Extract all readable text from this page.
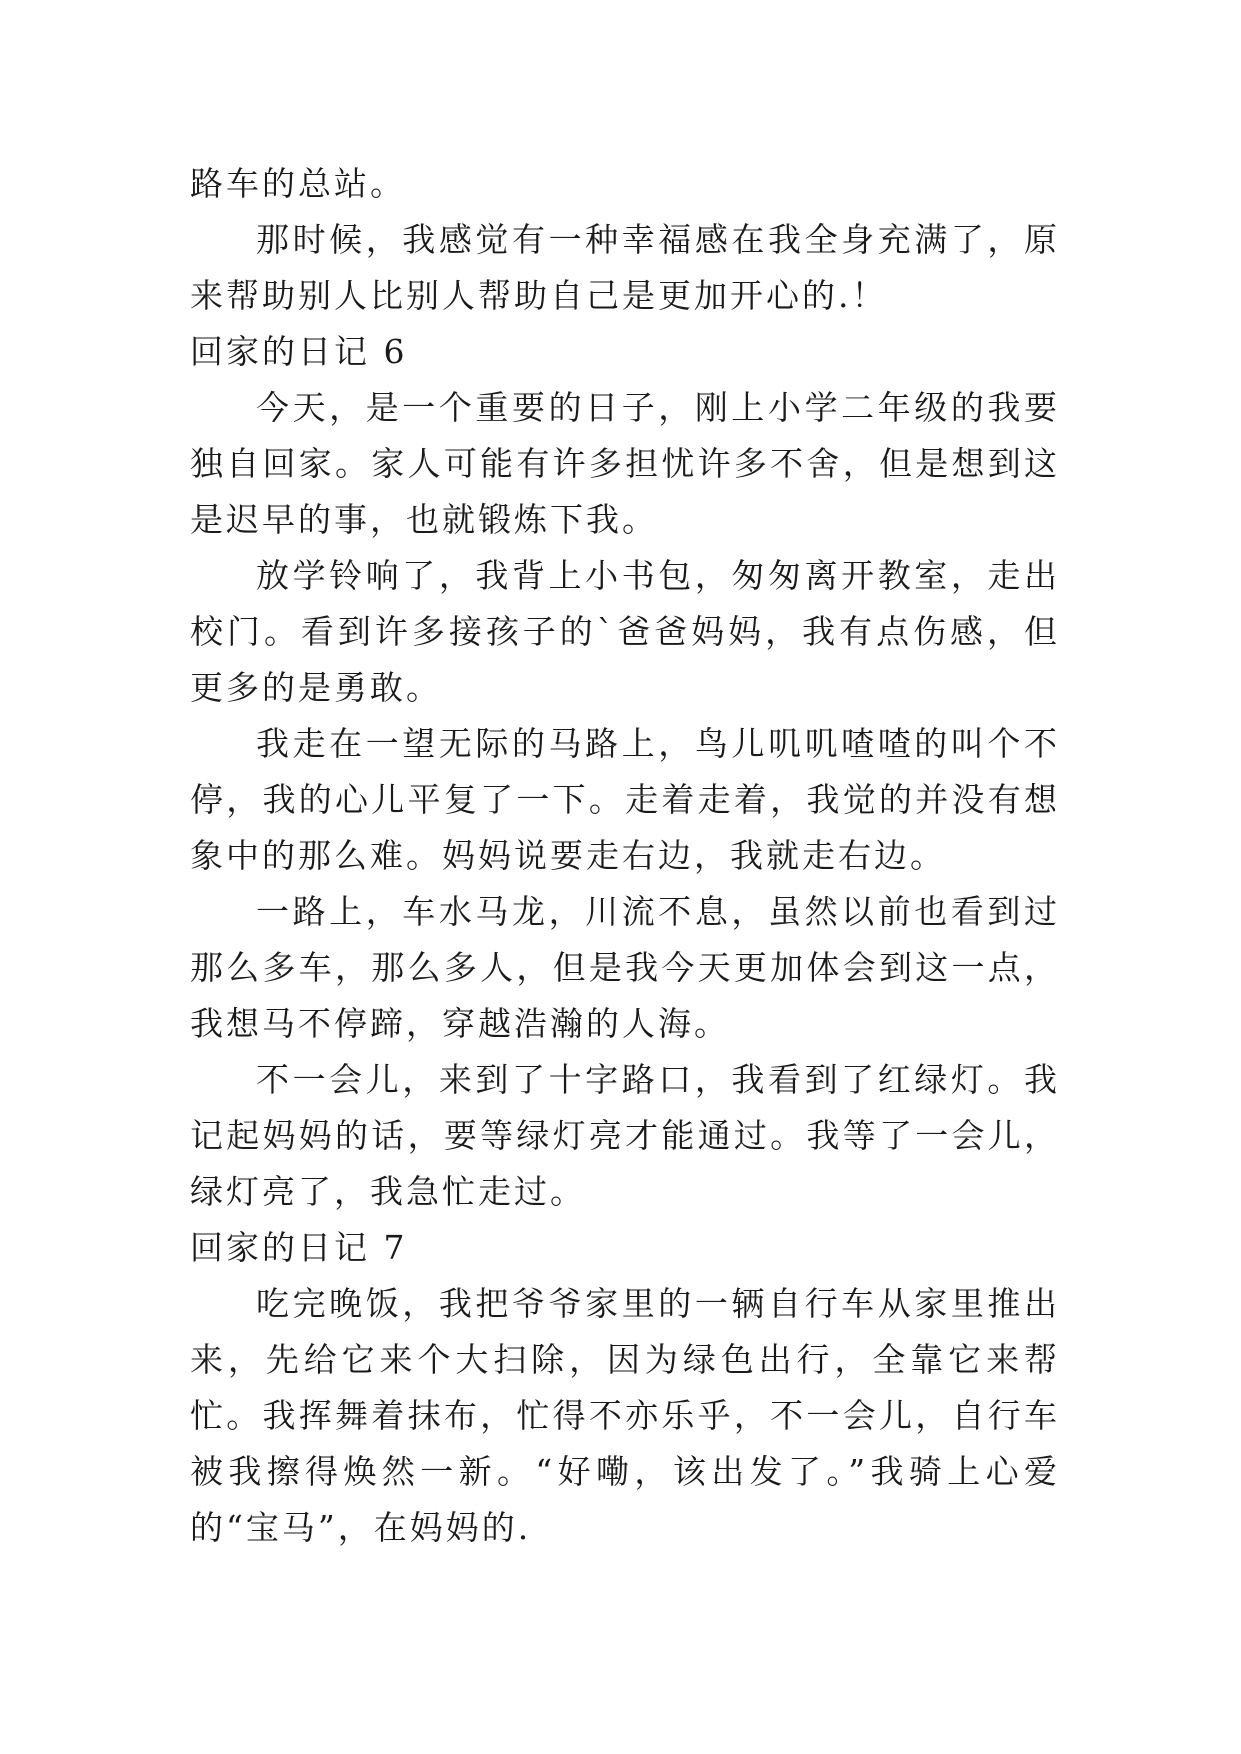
路车的总站。

那时候，我感觉有一种幸福感在我全身充满了，原来帮助别人比别人帮助自己是更加开心的.！

回家的日记 6

今天，是一个重要的日子，刚上小学二年级的我要独自回家。家人可能有许多担忧许多不舍，但是想到这是迟早的事，也就锻炼下我。

放学铃响了，我背上小书包，匆匆离开教室，走出校门。看到许多接孩子的`爸爸妈妈，我有点伤感，但更多的是勇敢。

我走在一望无际的马路上，鸟儿叽叽喳喳的叫个不停，我的心儿平复了一下。走着走着，我觉的并没有想象中的那么难。妈妈说要走右边，我就走右边。

一路上，车水马龙，川流不息，虽然以前也看到过那么多车，那么多人，但是我今天更加体会到这一点，我想马不停蹄，穿越浩瀚的人海。

不一会儿，来到了十字路口，我看到了红绿灯。我记起妈妈的话，要等绿灯亮才能通过。我等了一会儿，绿灯亮了，我急忙走过。

回家的日记 7

吃完晚饭，我把爷爷家里的一辆自行车从家里推出来，先给它来个大扫除，因为绿色出行，全靠它来帮忙。我挥舞着抹布，忙得不亦乐乎，不一会儿，自行车被我擦得焕然一新。“好嘞，该出发了。”我骑上心爱的“宝马”，在妈妈的.
